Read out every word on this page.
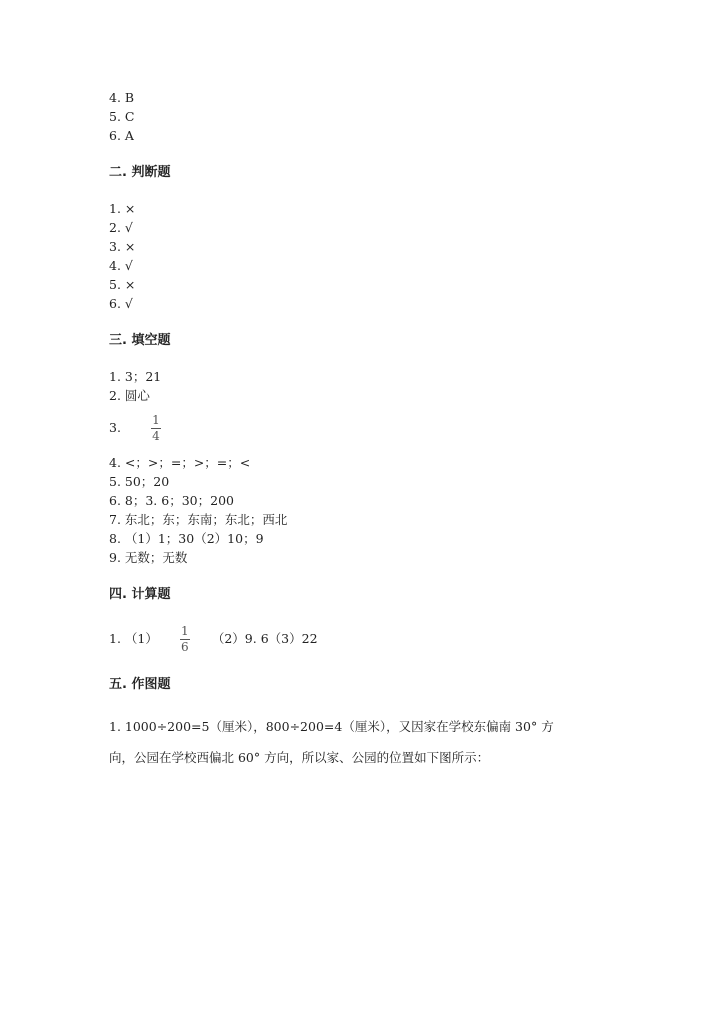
4. B
5. C
6. A
二. 判断题
1. ×
2. √
3. ×
4. √
5. ×
6. √
三. 填空题
1. 3；21
2. 圆心
3. $\frac{1}{4}$
4. <；>；=；>；=；<
5. 50；20
6. 8；3. 6；30；200
7. 东北；东；东南；东北；西北
8. （1）1；30（2）10；9
9. 无数；无数
四. 计算题
1. $(1) \frac{1}{6} (2)9$. 6（3）22
五. 作图题
1. 1000÷200=5（厘米），800÷200=4（厘米），又因家在学校东偏南 30° 方
向，公园在学校西偏北 60° 方向，所以家、公园的位置如下图所示：
